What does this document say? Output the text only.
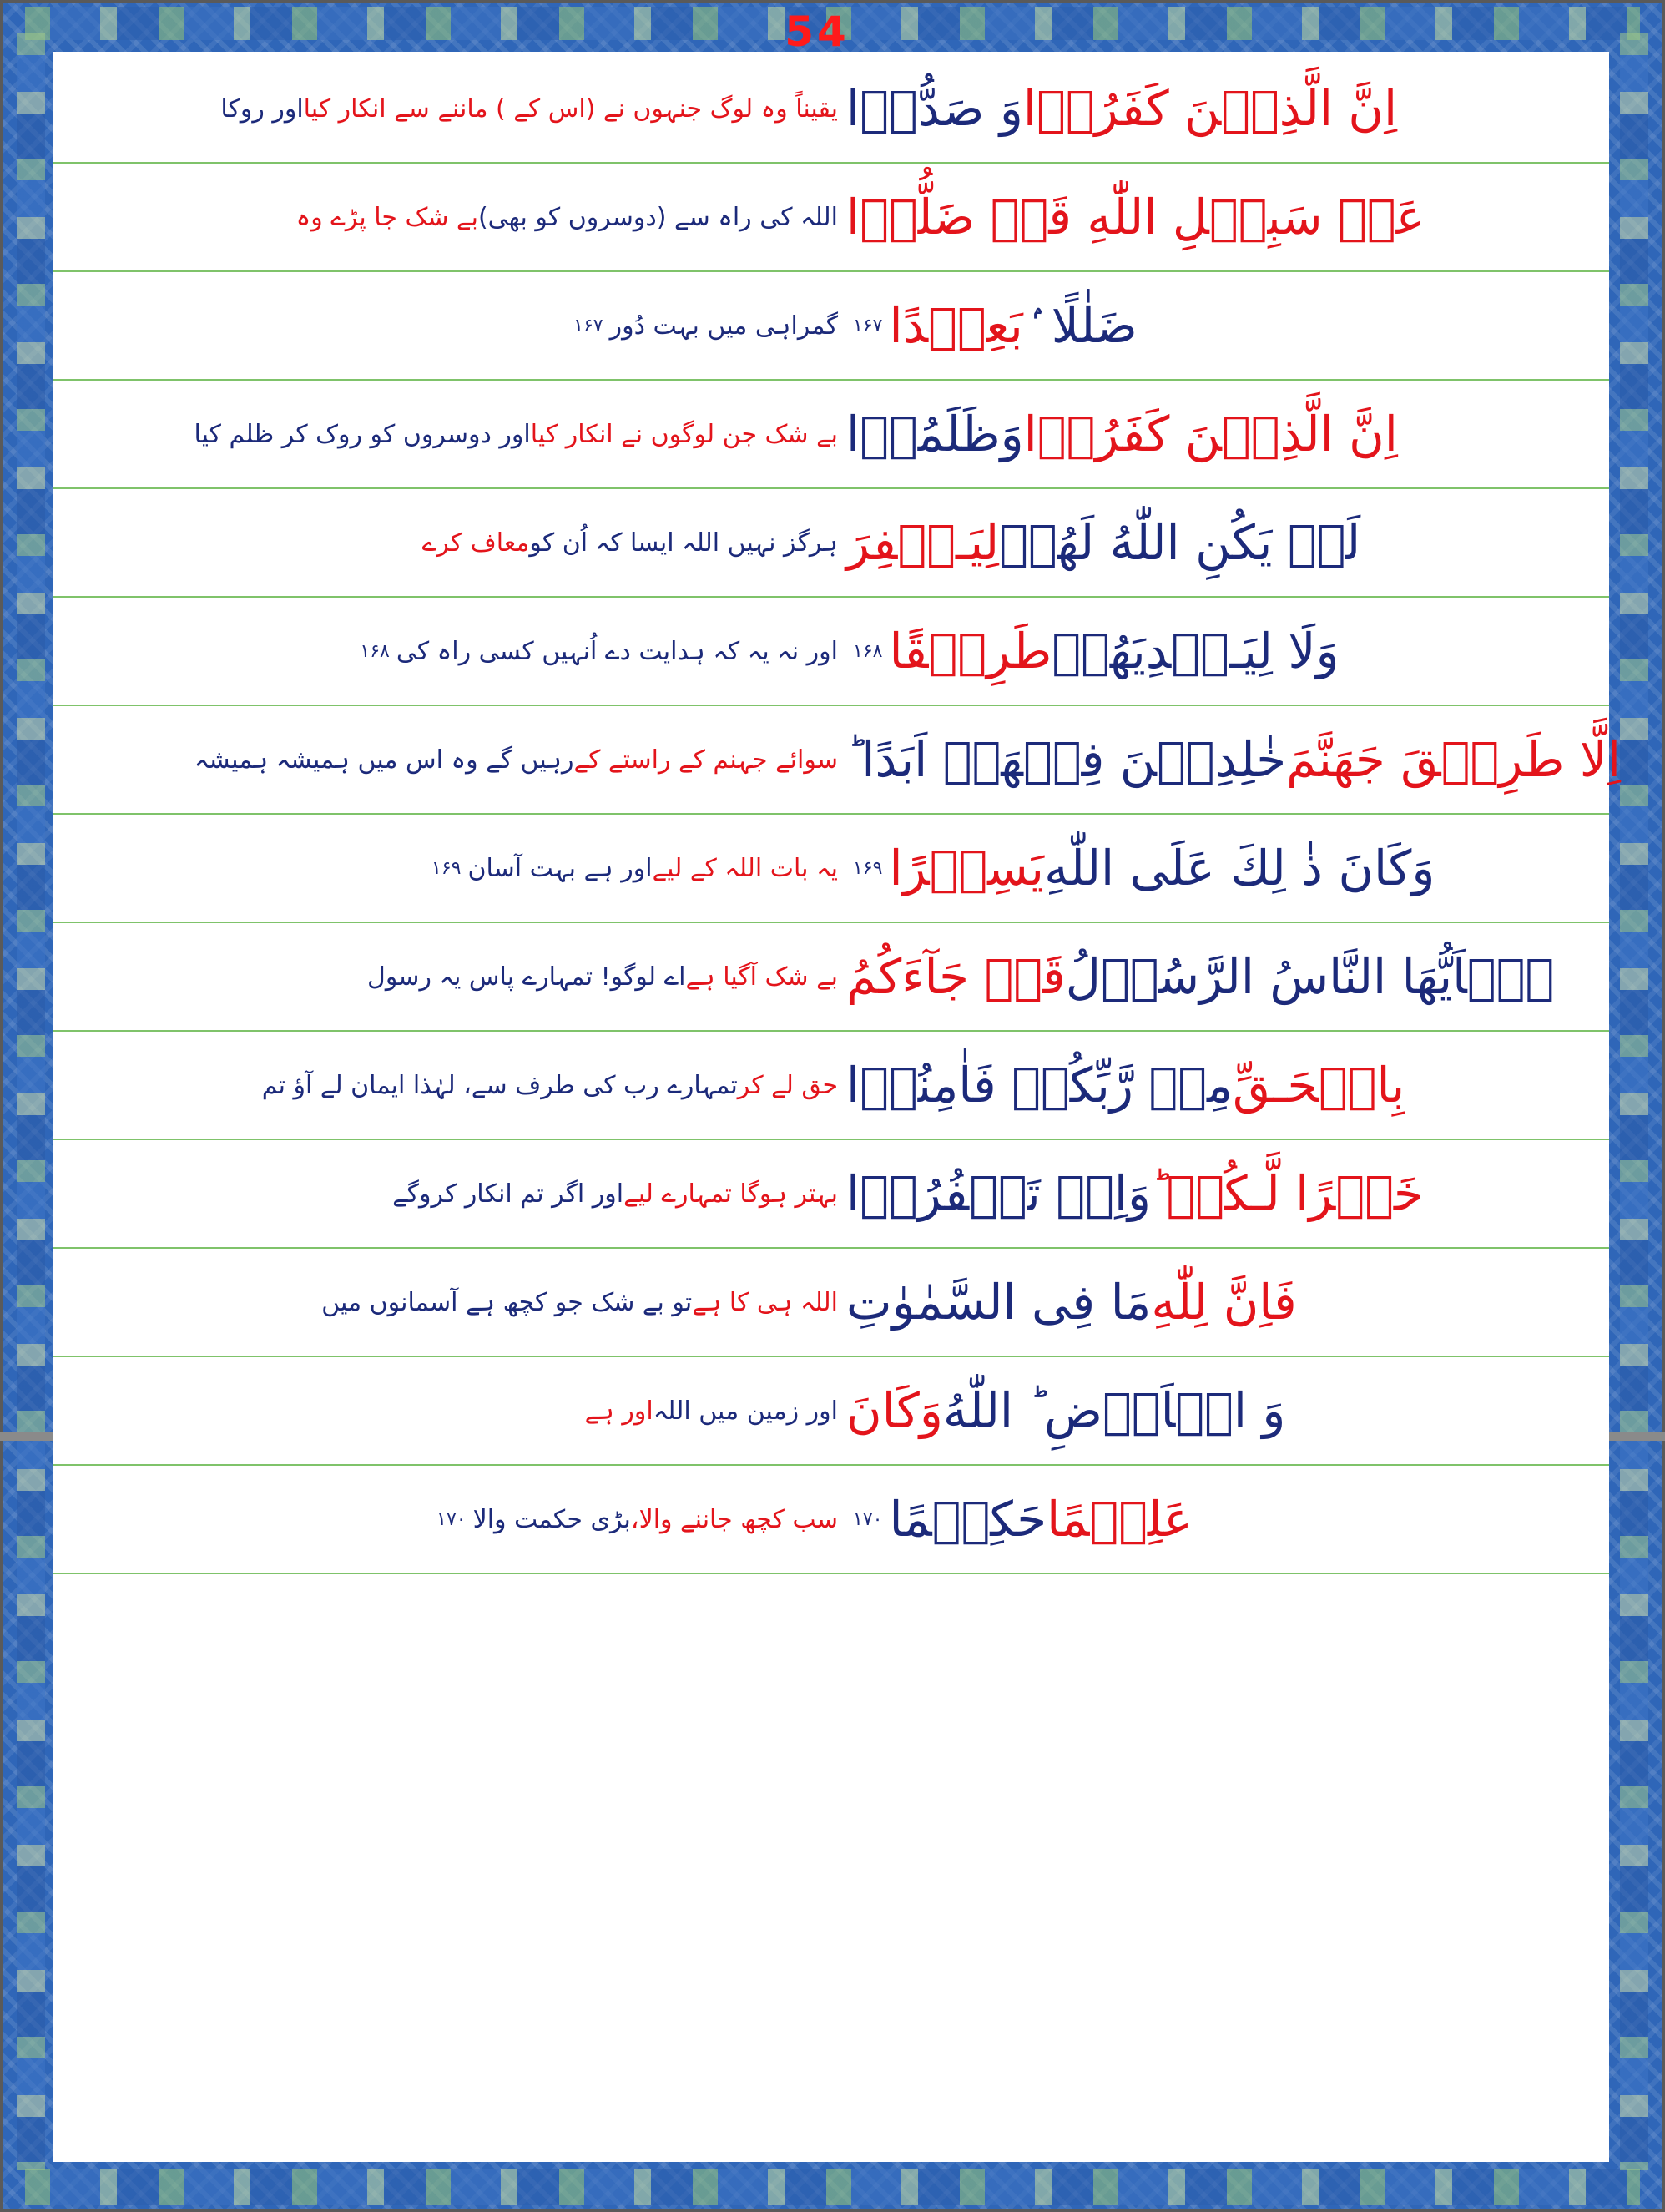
54
اِنَّ الَّذِيۡنَ كَفَرُوۡا
وَ صَدُّوۡا
یقیناً وہ لوگ جنہوں نے (اس کے ) ماننے سے انکار کیا
اور روکا
عَنۡ سَبِيۡلِ اللّٰهِ قَدۡ ضَلُّوۡا
اللہ کی راہ سے (دوسروں کو بھی)
بے شک جا پڑے وہ
ضَلٰلًا ۢ
بَعِيۡدًا
۱۶۷
گمراہی میں بہت دُور
۱۶۷
اِنَّ الَّذِيۡنَ كَفَرُوۡا
وَظَلَمُوۡا
بے شک جن لوگوں نے انکار کیا
اور دوسروں کو روک کر ظلم کیا
لَمۡ يَكُنِ اللّٰهُ لَهُمۡ
لِيَـغۡفِرَ
ہرگز نہیں اللہ ایسا کہ اُن کو
معاف کرے
وَلَا لِيَـهۡدِيَهُمۡ
طَرِيۡقًا
۱۶۸
اور نہ یہ کہ ہدایت دے اُنہیں کسی راہ کی
۱۶۸
اِلَّا طَرِيۡقَ جَهَنَّمَ
خٰلِدِيۡنَ فِيۡهَاۤ اَبَدًا ؕ
سوائے جہنم کے راستے کے
رہیں گے وہ اس میں ہمیشہ ہمیشہ
وَكَانَ ذٰ لِكَ عَلَى اللّٰهِ
يَسِيۡرًا
۱۶۹
یہ بات اللہ کے لیے
اور ہے بہت آسان
۱۶۹
يٰۤاَيُّهَا النَّاسُ الرَّسُوۡلُ
قَدۡ جَآءَكُمُ
بے شک آگیا ہے
اے لوگو! تمہارے پاس یہ رسول
بِالۡحَـقِّ
مِنۡ رَّبِّكُمۡ فَاٰمِنُوۡا
حق لے کر
تمہارے رب کی طرف سے، لہٰذا ایمان لے آؤ تم
خَيۡرًا لَّـكُمۡ ؕ
وَاِنۡ تَكۡفُرُوۡا
بہتر ہوگا تمہارے لیے
اور اگر تم انکار کروگے
فَاِنَّ لِلّٰهِ
مَا فِى السَّمٰوٰتِ
اللہ ہی کا ہے
تو بے شک جو کچھ ہے آسمانوں میں
وَ الۡاَرۡضِ‌ ؕ اللّٰهُ
وَكَانَ
اور زمین میں اللہ
اور ہے
عَلِيۡمًا
حَكِيۡمًا
۱۷۰
سب کچھ جاننے والا،
بڑی حکمت والا
۱۷۰
